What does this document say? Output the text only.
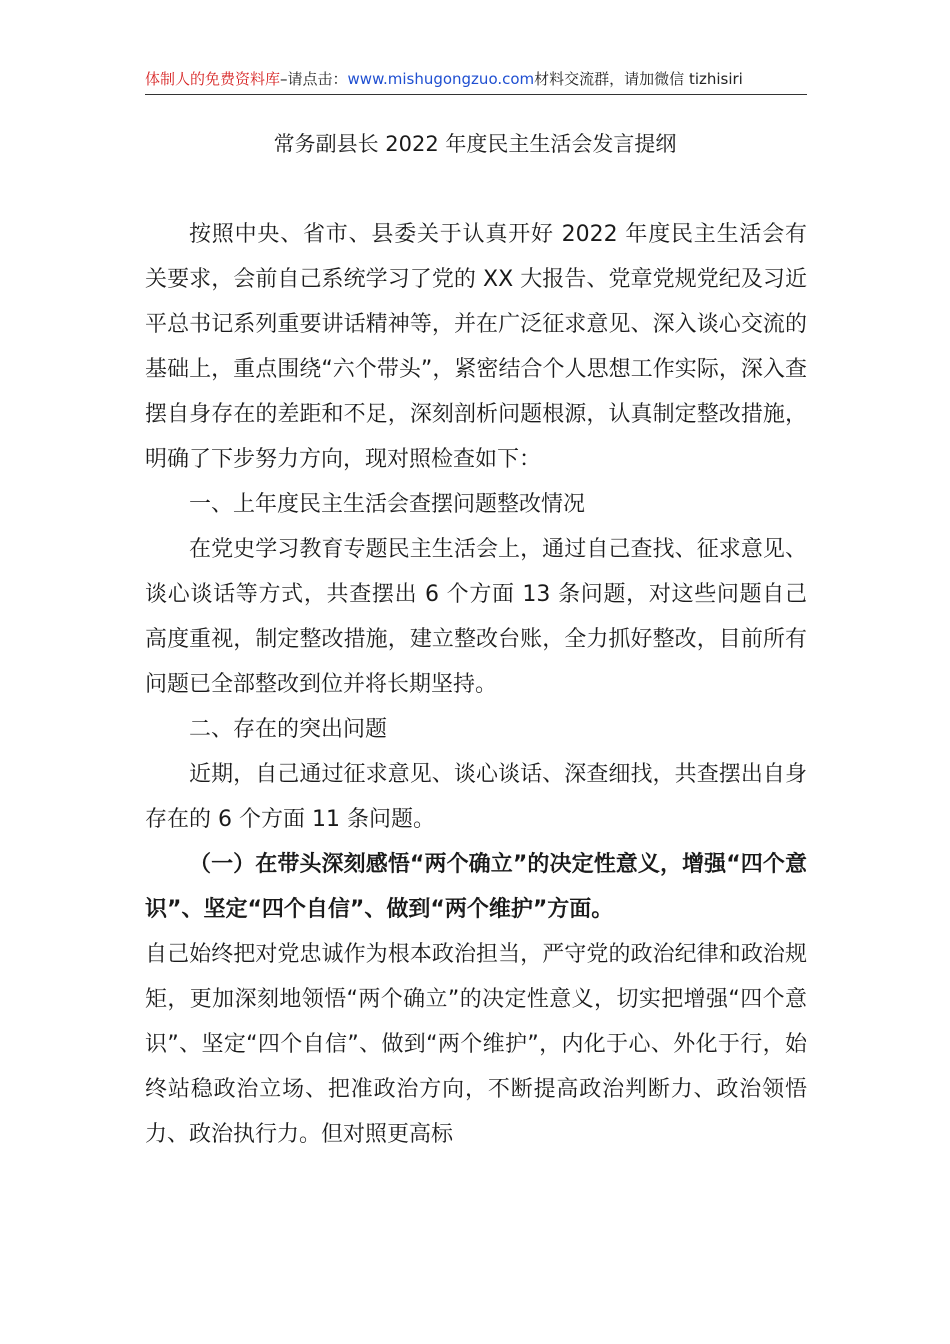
体制人的免费资料库–请点击：www.mishugongzuo.com材料交流群，请加微信 tizhisiri
常务副县长 2022 年度民主生活会发言提纲

按照中央、省市、县委关于认真开好 2022 年度民主生活会有关要求，会前自己系统学习了党的 XX 大报告、党章党规党纪及习近平总书记系列重要讲话精神等，并在广泛征求意见、深入谈心交流的基础上，重点围绕“六个带头”，紧密结合个人思想工作实际，深入查摆自身存在的差距和不足，深刻剖析问题根源，认真制定整改措施，明确了下步努力方向，现对照检查如下：

一、上年度民主生活会查摆问题整改情况

在党史学习教育专题民主生活会上，通过自己查找、征求意见、谈心谈话等方式，共查摆出 6 个方面 13 条问题，对这些问题自己高度重视，制定整改措施，建立整改台账，全力抓好整改，目前所有问题已全部整改到位并将长期坚持。

二、存在的突出问题

近期，自己通过征求意见、谈心谈话、深查细找，共查摆出自身存在的 6 个方面 11 条问题。

（一）在带头深刻感悟“两个确立”的决定性意义，增强“四个意识”、坚定“四个自信”、做到“两个维护”方面。

自己始终把对党忠诚作为根本政治担当，严守党的政治纪律和政治规矩，更加深刻地领悟“两个确立”的决定性意义，切实把增强“四个意识”、坚定“四个自信”、做到“两个维护”，内化于心、外化于行，始终站稳政治立场、把准政治方向，不断提高政治判断力、政治领悟力、政治执行力。但对照更高标
